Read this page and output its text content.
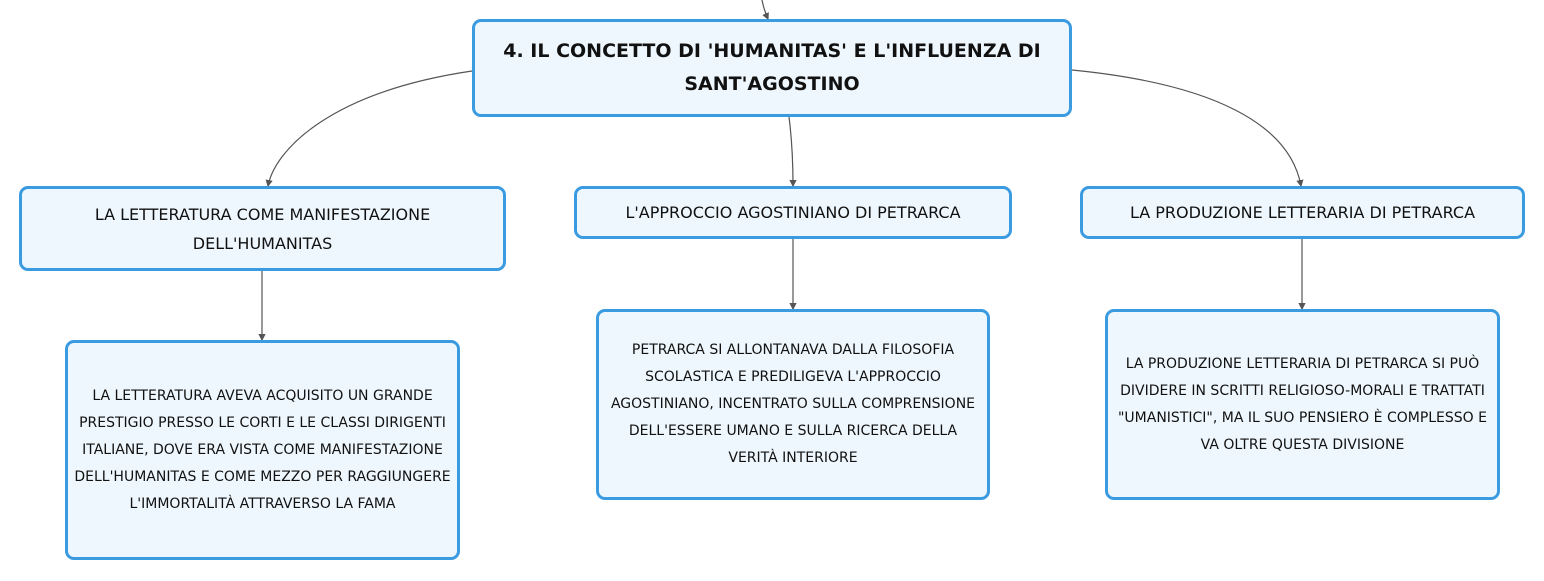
4. IL CONCETTO DI 'HUMANITAS' E L'INFLUENZA DI SANT'AGOSTINO
LA LETTERATURA COME MANIFESTAZIONE DELL'HUMANITAS
L'APPROCCIO AGOSTINIANO DI PETRARCA	LA PRODUZIONE LETTERARIA DI PETRARCA
LA LETTERATURA AVEVA ACQUISITO UN GRANDE PRESTIGIO PRESSO LE CORTI E LE CLASSI DIRIGENTI ITALIANE, DOVE ERA VISTA COME MANIFESTAZIONE DELL'HUMANITAS E COME MEZZO PER RAGGIUNGERE L'IMMORTALITÀ ATTRAVERSO LA FAMA
PETRARCA SI ALLONTANAVA DALLA FILOSOFIA SCOLASTICA E PREDILIGEVA L'APPROCCIO AGOSTINIANO, INCENTRATO SULLA COMPRENSIONE DELL'ESSERE UMANO E SULLA RICERCA DELLA VERITÀ INTERIORE
LA PRODUZIONE LETTERARIA DI PETRARCA SI PUÒ DIVIDERE IN SCRITTI RELIGIOSO-MORALI E TRATTATI "UMANISTICI", MA IL SUO PENSIERO È COMPLESSO E VA OLTRE QUESTA DIVISIONE
